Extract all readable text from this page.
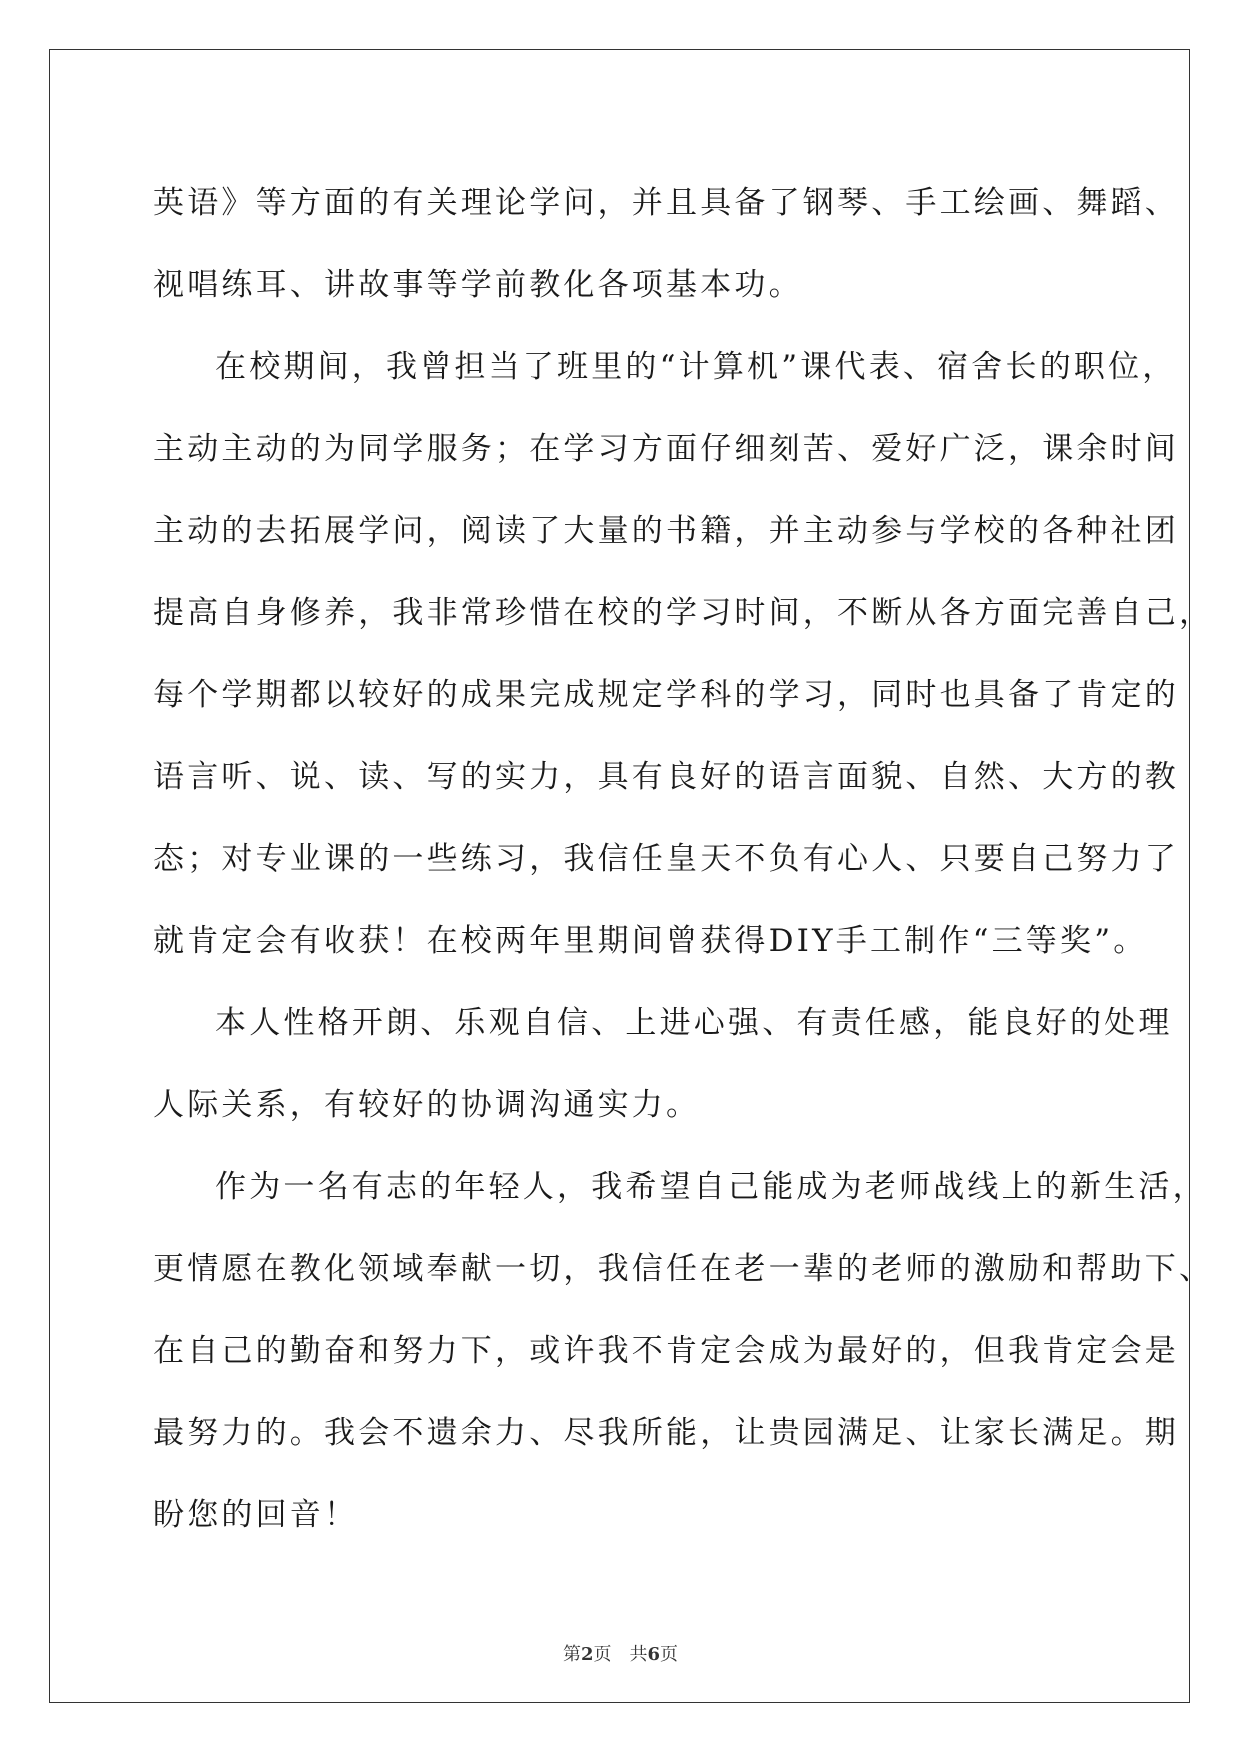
英语》等方面的有关理论学问，并且具备了钢琴、手工绘画、舞蹈、
视唱练耳、讲故事等学前教化各项基本功。

在校期间，我曾担当了班里的“计算机”课代表、宿舍长的职位，
主动主动的为同学服务；在学习方面仔细刻苦、爱好广泛，课余时间
主动的去拓展学问，阅读了大量的书籍，并主动参与学校的各种社团
提高自身修养，我非常珍惜在校的学习时间，不断从各方面完善自己，
每个学期都以较好的成果完成规定学科的学习，同时也具备了肯定的
语言听、说、读、写的实力，具有良好的语言面貌、自然、大方的教
态；对专业课的一些练习，我信任皇天不负有心人、只要自己努力了
就肯定会有收获！在校两年里期间曾获得DIY手工制作“三等奖”。

本人性格开朗、乐观自信、上进心强、有责任感，能良好的处理
人际关系，有较好的协调沟通实力。

作为一名有志的年轻人，我希望自己能成为老师战线上的新生活，
更情愿在教化领域奉献一切，我信任在老一辈的老师的激励和帮助下、
在自己的勤奋和努力下，或许我不肯定会成为最好的，但我肯定会是
最努力的。我会不遗余力、尽我所能，让贵园满足、让家长满足。期
盼您的回音！

第2页 共6页
